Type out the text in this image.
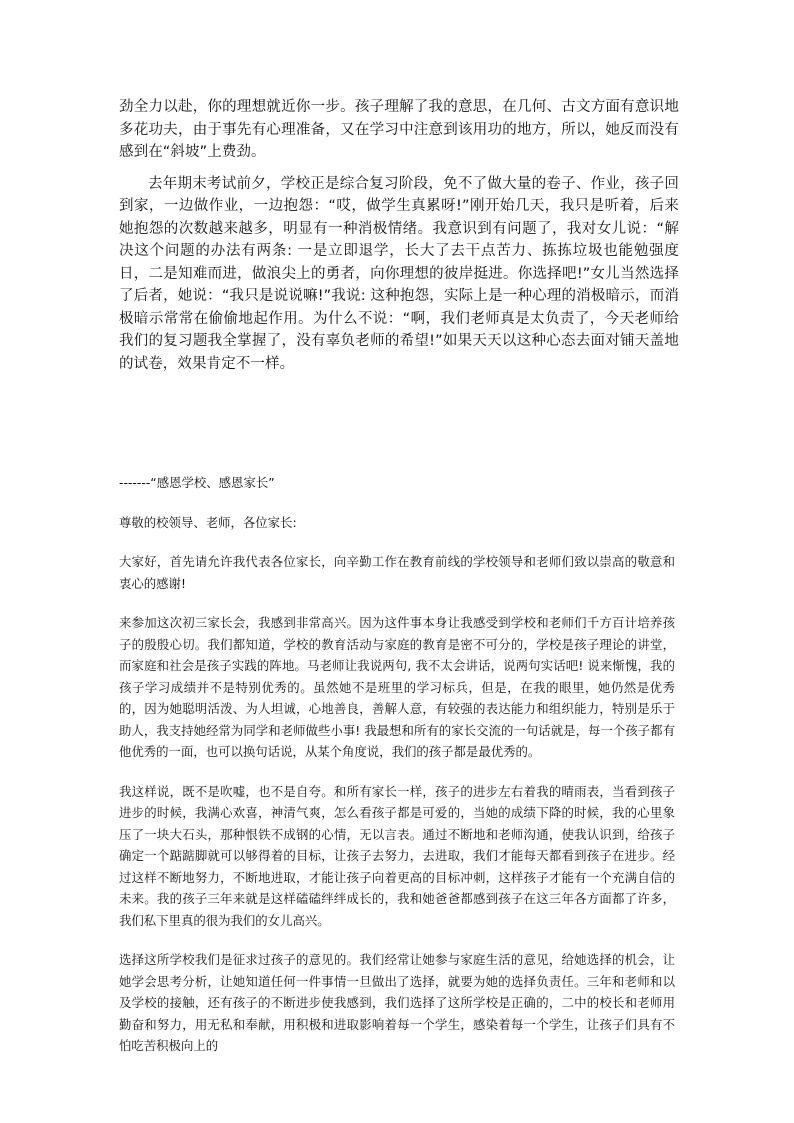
劲全力以赴，你的理想就近你一步。孩子理解了我的意思，在几何、古文方面有意识地多花功夫，由于事先有心理准备，又在学习中注意到该用功的地方，所以，她反而没有感到在“斜坡”上费劲。

去年期末考试前夕，学校正是综合复习阶段，免不了做大量的卷子、作业，孩子回到家，一边做作业，一边抱怨：“哎，做学生真累呀!”刚开始几天，我只是听着，后来她抱怨的次数越来越多，明显有一种消极情绪。我意识到有问题了，我对女儿说：“解决这个问题的办法有两条: 一是立即退学，长大了去干点苦力、拣拣垃圾也能勉强度日，二是知难而进，做浪尖上的勇者，向你理想的彼岸挺进。你选择吧!”女儿当然选择了后者，她说：“我只是说说嘛!”我说: 这种抱怨，实际上是一种心理的消极暗示，而消极暗示常常在偷偷地起作用。为什么不说：“啊，我们老师真是太负责了，今天老师给我们的复习题我全掌握了，没有辜负老师的希望!”如果天天以这种心态去面对铺天盖地的试卷，效果肯定不一样。

-------“感恩学校、感恩家长”

尊敬的校领导、老师，各位家长:

大家好，首先请允许我代表各位家长，向辛勤工作在教育前线的学校领导和老师们致以崇高的敬意和衷心的感谢!

来参加这次初三家长会，我感到非常高兴。因为这件事本身让我感受到学校和老师们千方百计培养孩子的殷殷心切。我们都知道，学校的教育活动与家庭的教育是密不可分的，学校是孩子理论的讲堂，而家庭和社会是孩子实践的阵地。马老师让我说两句, 我不太会讲话，说两句实话吧! 说来惭愧，我的孩子学习成绩并不是特别优秀的。虽然她不是班里的学习标兵，但是，在我的眼里，她仍然是优秀的，因为她聪明活泼、为人坦诚，心地善良，善解人意，有较强的表达能力和组织能力，特别是乐于助人，我支持她经常为同学和老师做些小事! 我最想和所有的家长交流的一句话就是，每一个孩子都有他优秀的一面，也可以换句话说，从某个角度说，我们的孩子都是最优秀的。

我这样说，既不是吹嘘，也不是自夸。和所有家长一样，孩子的进步左右着我的晴雨表，当看到孩子进步的时候，我满心欢喜，神清气爽，怎么看孩子都是可爱的，当她的成绩下降的时候，我的心里象压了一块大石头，那种恨铁不成钢的心情，无以言表。通过不断地和老师沟通，使我认识到，给孩子确定一个踮踮脚就可以够得着的目标，让孩子去努力，去进取，我们才能每天都看到孩子在进步。经过这样不断地努力，不断地进取，才能让孩子向着更高的目标冲刺，这样孩子才能有一个充满自信的未来。我的孩子三年来就是这样磕磕绊绊成长的，我和她爸爸都感到孩子在这三年各方面都了许多，我们私下里真的很为我们的女儿高兴。

选择这所学校我们是征求过孩子的意见的。我们经常让她参与家庭生活的意见，给她选择的机会，让她学会思考分析，让她知道任何一件事情一旦做出了选择，就要为她的选择负责任。三年和老师和以及学校的接触，还有孩子的不断进步使我感到，我们选择了这所学校是正确的，二中的校长和老师用勤奋和努力，用无私和奉献，用积极和进取影响着每一个学生，感染着每一个学生，让孩子们具有不怕吃苦积极向上的
